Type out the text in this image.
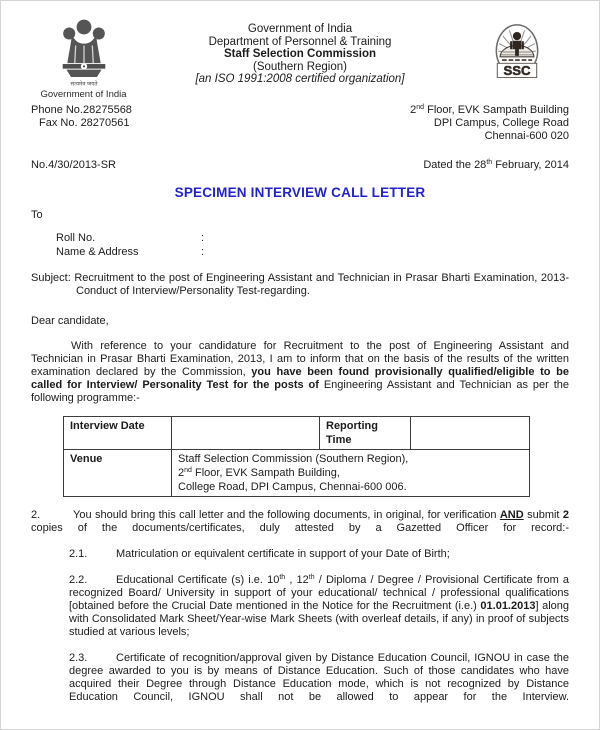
सत्यमेव जयते
Government of India
Government of India
Department of Personnel & Training
Staff Selection Commission
(Southern Region)
[an ISO 1991:2008 certified organization]
SSC
Phone No.28275568
Fax No. 28270561
2nd Floor, EVK Sampath Building
DPI Campus, College Road
Chennai-600 020
No.4/30/2013-SR	Dated the 28th February, 2014
SPECIMEN INTERVIEW CALL LETTER
To
Roll No.	:
Name & Address	:

Subject: Recruitment to the post of Engineering Assistant and Technician in Prasar Bharti Examination, 2013-Conduct of Interview/Personality Test-regarding.

Dear candidate,

With reference to your candidature for Recruitment to the post of Engineering Assistant and Technician in Prasar Bharti Examination, 2013, I am to inform that on the basis of the results of the written examination declared by the Commission, you have been found provisionally qualified/eligible to be called for Interview/ Personality Test for the posts of Engineering Assistant and Technician as per the following programme:-

Interview Date		Reporting Time	
Venue	Staff Selection Commission (Southern Region),
2nd Floor, EVK Sampath Building,
College Road, DPI Campus, Chennai-600 006.		

2.	You should bring this call letter and the following documents, in original, for verification AND submit 2 copies of the documents/certificates, duly attested by a Gazetted Officer for record:-

2.1.	Matriculation or equivalent certificate in support of your Date of Birth;

2.2.	Educational Certificate (s) i.e. 10th , 12th / Diploma / Degree / Provisional Certificate from a recognized Board/ University in support of your educational/ technical / professional qualifications [obtained before the Crucial Date mentioned in the Notice for the Recruitment (i.e.) 01.01.2013] along with Consolidated Mark Sheet/Year-wise Mark Sheets (with overleaf details, if any) in proof of subjects studied at various levels;

2.3.	Certificate of recognition/approval given by Distance Education Council, IGNOU in case the degree awarded to you is by means of Distance Education. Such of those candidates who have acquired their Degree through Distance Education mode, which is not recognized by Distance Education Council, IGNOU shall not be allowed to appear for the Interview.
